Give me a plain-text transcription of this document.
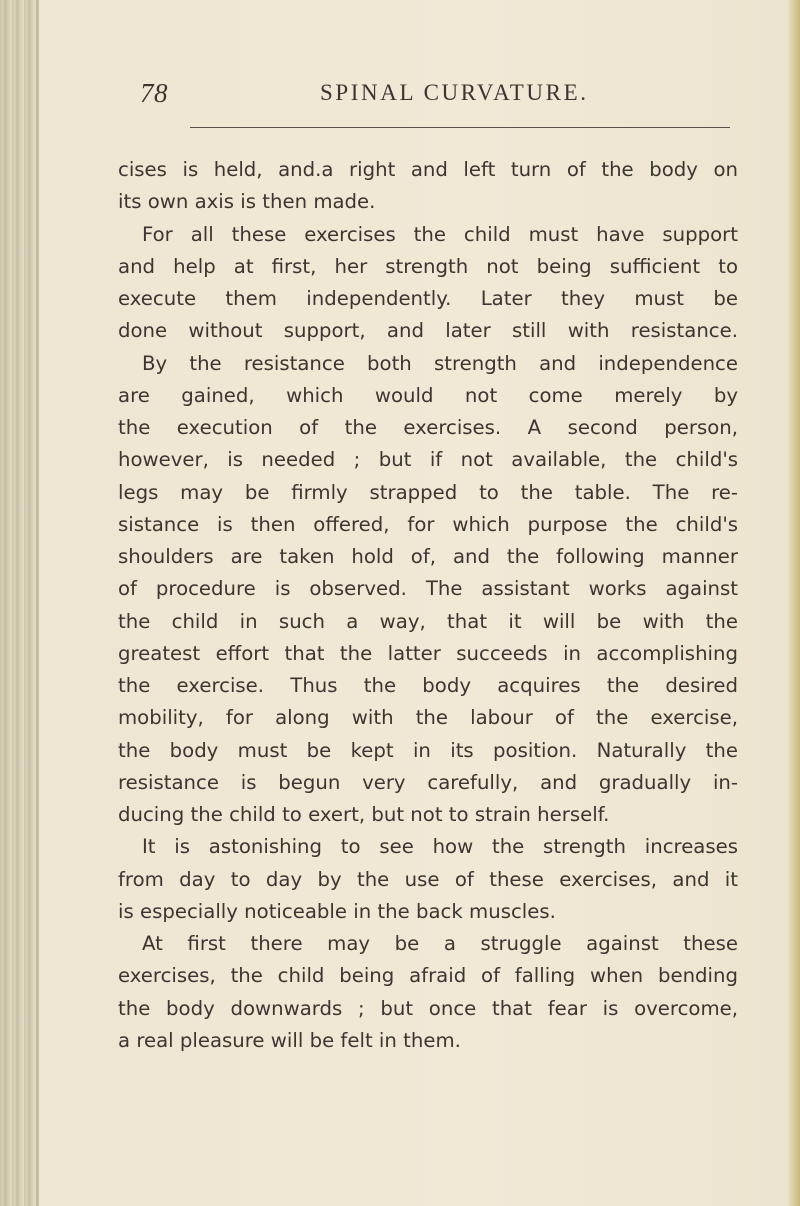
78	SPINAL CURVATURE.
cises is held, and.a right and left turn of the body on
its own axis is then made.
For all these exercises the child must have support
and help at first, her strength not being sufficient to
execute them independently. Later they must be
done without support, and later still with resistance.
By the resistance both strength and independence
are gained, which would not come merely by
the execution of the exercises. A second person,
however, is needed ; but if not available, the child's
legs may be firmly strapped to the table. The re-
sistance is then offered, for which purpose the child's
shoulders are taken hold of, and the following manner
of procedure is observed. The assistant works against
the child in such a way, that it will be with the
greatest effort that the latter succeeds in accomplishing
the exercise. Thus the body acquires the desired
mobility, for along with the labour of the exercise,
the body must be kept in its position. Naturally the
resistance is begun very carefully, and gradually in-
ducing the child to exert, but not to strain herself.
It is astonishing to see how the strength increases
from day to day by the use of these exercises, and it
is especially noticeable in the back muscles.
At first there may be a struggle against these
exercises, the child being afraid of falling when bending
the body downwards ; but once that fear is overcome,
a real pleasure will be felt in them.
